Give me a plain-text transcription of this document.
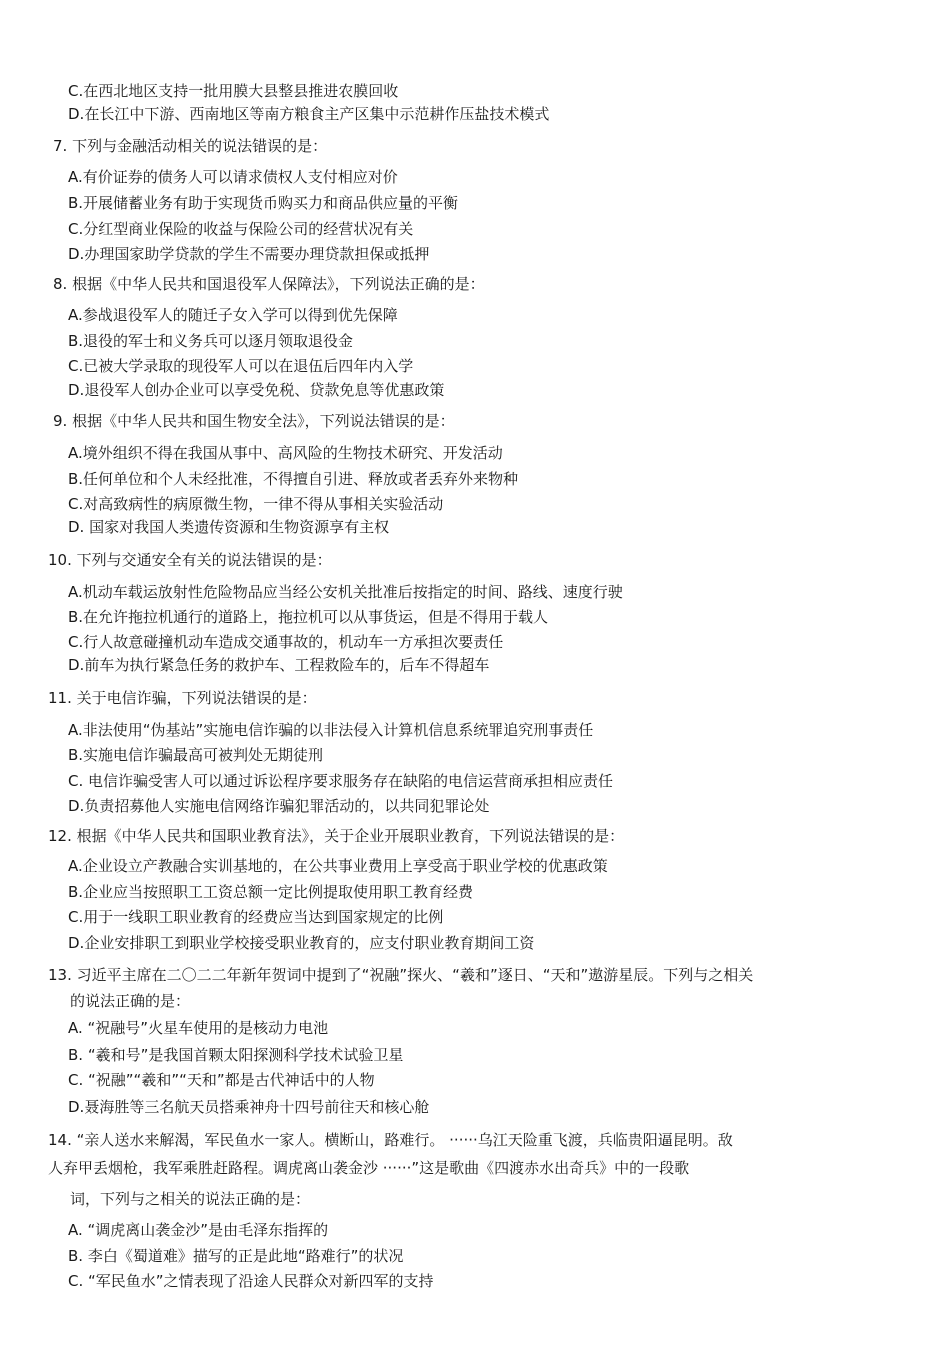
C.在西北地区支持一批用膜大县整县推进农膜回收
D.在长江中下游、西南地区等南方粮食主产区集中示范耕作压盐技术模式
7. 下列与金融活动相关的说法错误的是：
A.有价证券的债务人可以请求债权人支付相应对价
B.开展储蓄业务有助于实现货币购买力和商品供应量的平衡
C.分红型商业保险的收益与保险公司的经营状况有关
D.办理国家助学贷款的学生不需要办理贷款担保或抵押
8. 根据《中华人民共和国退役军人保障法》，下列说法正确的是：
A.参战退役军人的随迁子女入学可以得到优先保障
B.退役的军士和义务兵可以逐月领取退役金
C.已被大学录取的现役军人可以在退伍后四年内入学
D.退役军人创办企业可以享受免税、贷款免息等优惠政策
9. 根据《中华人民共和国生物安全法》，下列说法错误的是：
A.境外组织不得在我国从事中、高风险的生物技术研究、开发活动
B.任何单位和个人未经批准，不得擅自引进、释放或者丢弃外来物种
C.对高致病性的病原微生物，一律不得从事相关实验活动
D. 国家对我国人类遗传资源和生物资源享有主权
10. 下列与交通安全有关的说法错误的是：
A.机动车载运放射性危险物品应当经公安机关批准后按指定的时间、路线、速度行驶
B.在允许拖拉机通行的道路上，拖拉机可以从事货运，但是不得用于载人
C.行人故意碰撞机动车造成交通事故的，机动车一方承担次要责任
D.前车为执行紧急任务的救护车、工程救险车的，后车不得超车
11. 关于电信诈骗，下列说法错误的是：
A.非法使用“伪基站”实施电信诈骗的以非法侵入计算机信息系统罪追究刑事责任
B.实施电信诈骗最高可被判处无期徒刑
C. 电信诈骗受害人可以通过诉讼程序要求服务存在缺陷的电信运营商承担相应责任
D.负责招募他人实施电信网络诈骗犯罪活动的，以共同犯罪论处
12. 根据《中华人民共和国职业教育法》，关于企业开展职业教育，下列说法错误的是：
A.企业设立产教融合实训基地的，在公共事业费用上享受高于职业学校的优惠政策
B.企业应当按照职工工资总额一定比例提取使用职工教育经费
C.用于一线职工职业教育的经费应当达到国家规定的比例
D.企业安排职工到职业学校接受职业教育的，应支付职业教育期间工资
13. 习近平主席在二〇二二年新年贺词中提到了“祝融”探火、“羲和”逐日、“天和”遨游星辰。下列与之相关
的说法正确的是：
A. “祝融号”火星车使用的是核动力电池
B. “羲和号”是我国首颗太阳探测科学技术试验卫星
C. “祝融”“羲和”“天和”都是古代神话中的人物
D.聂海胜等三名航天员搭乘神舟十四号前往天和核心舱
14. “亲人送水来解渴，军民鱼水一家人。横断山，路难行。 ······乌江天险重飞渡，兵临贵阳逼昆明。敌
人弃甲丢烟枪，我军乘胜赶路程。调虎离山袭金沙 ······”这是歌曲《四渡赤水出奇兵》中的一段歌
词，下列与之相关的说法正确的是：
A. “调虎离山袭金沙”是由毛泽东指挥的
B. 李白《蜀道难》描写的正是此地“路难行”的状况
C. “军民鱼水”之情表现了沿途人民群众对新四军的支持
